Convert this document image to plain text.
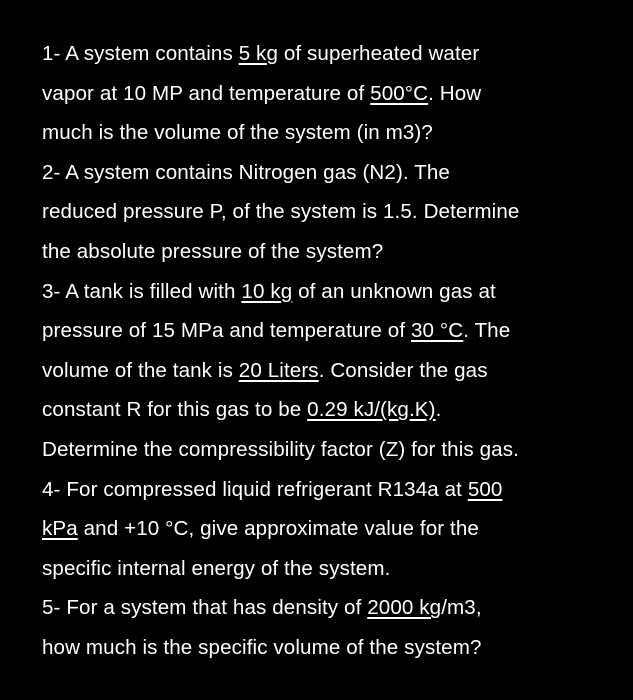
1- A system contains 5 kg of superheated water
vapor at 10 MP and temperature of 500°C. How
much is the volume of the system (in m3)?
2- A system contains Nitrogen gas (N2). The
reduced pressure P, of the system is 1.5. Determine
the absolute pressure of the system?
3- A tank is filled with 10 kg of an unknown gas at
pressure of 15 MPa and temperature of 30 °C. The
volume of the tank is 20 Liters. Consider the gas
constant R for this gas to be 0.29 kJ/(kg.K).
Determine the compressibility factor (Z) for this gas.
4- For compressed liquid refrigerant R134a at 500
kPa and +10 °C, give approximate value for the
specific internal energy of the system.
5- For a system that has density of 2000 kg/m3,
how much is the specific volume of the system?
